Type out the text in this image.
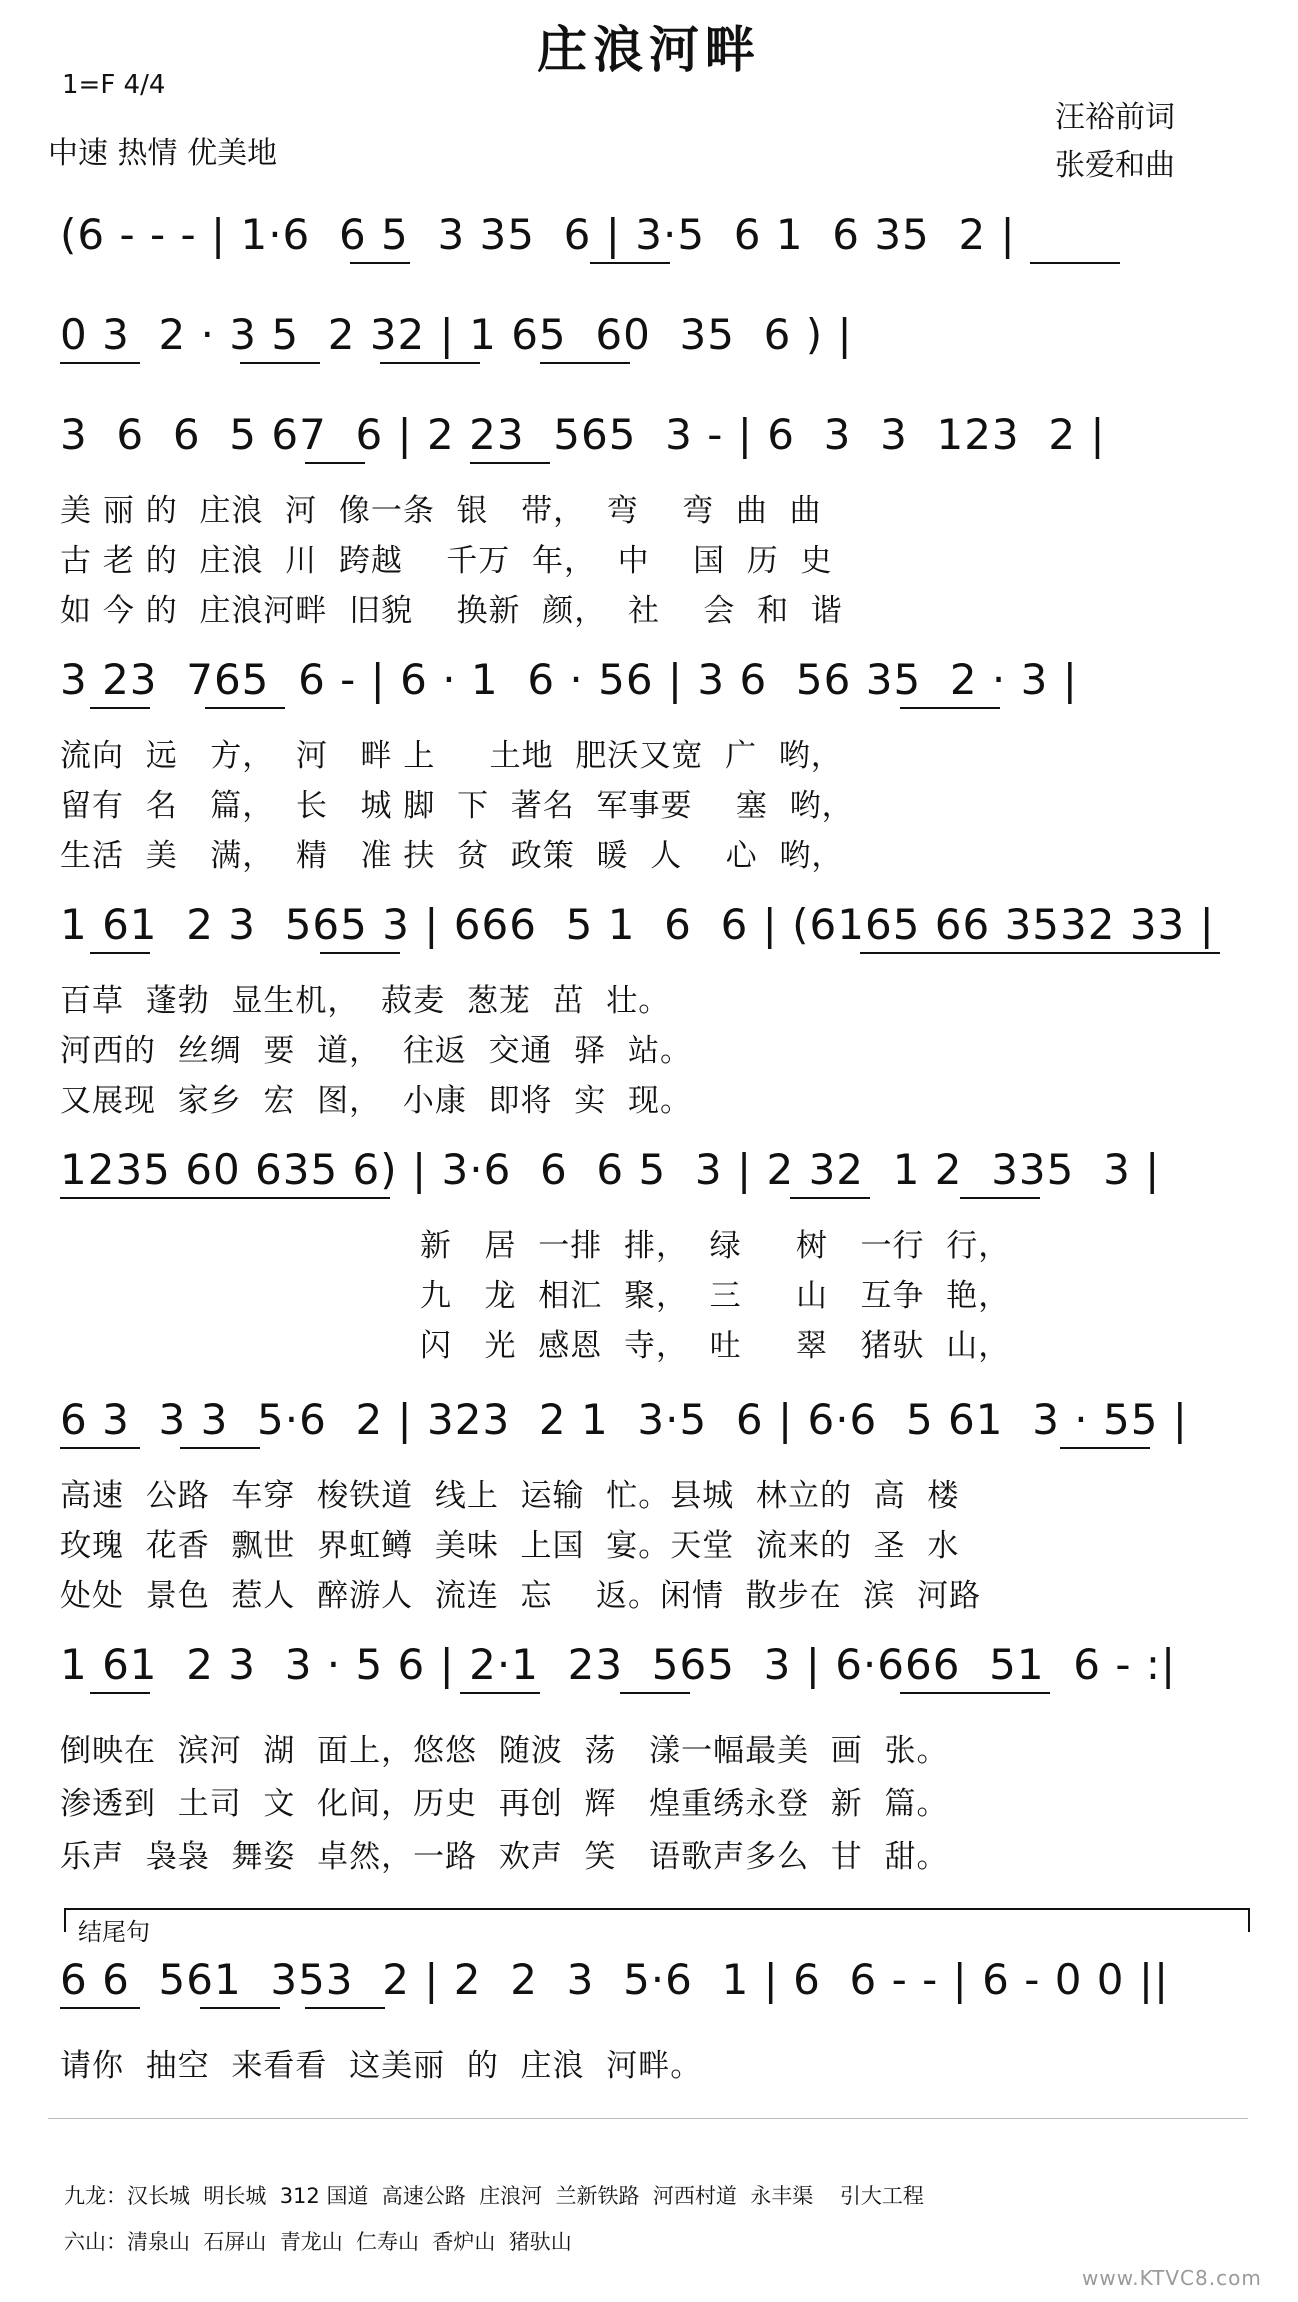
庄浪河畔
1=F 4/4
中速 热情 优美地
汪裕前词
张爱和曲
(6 - - - | 1·6  6 5  3 35  6 | 3·5  6 1  6 35  2 |
0 3  2 · 3 5  2 32 | 1 65  60  35  6 ) |
3  6  6  5 67  6 | 2 23  565  3 - | 6  3  3  123  2 |
美 丽 的  庄浪  河  像一条  银   带，  弯    弯  曲  曲
古 老 的  庄浪  川  跨越    千万  年，  中    国  历  史
如 今 的  庄浪河畔  旧貌    换新  颜，  社    会  和  谐
3 23  765  6 - | 6 · 1  6 · 56 | 3 6  56 35  2 · 3 |
流向  远   方，  河   畔 上     土地  肥沃又宽  广  哟，
留有  名   篇，  长   城 脚  下  著名  军事要    塞  哟，
生活  美   满，  精   准 扶  贫  政策  暖  人    心  哟，
1 61  2 3  565 3 | 666  5 1  6  6 | (6165 66 3532 33 |
百草  蓬勃  显生机，  菽麦  葱茏  茁  壮。
河西的  丝绸  要  道，  往返  交通  驿  站。
又展现  家乡  宏  图，  小康  即将  实  现。
1235 60 635 6) | 3·6  6  6 5  3 | 2 32  1 2  335  3 |
新   居  一排  排，  绿     树   一行  行，
九   龙  相汇  聚，  三     山   互争  艳，
闪   光  感恩  寺，  吐     翠   猪驮  山，
6 3  3 3  5·6  2 | 323  2 1  3·5  6 | 6·6  5 61  3 · 55 |
高速  公路  车穿  梭铁道  线上  运输  忙。县城  林立的  高  楼
玫瑰  花香  飘世  界虹鳟  美味  上国  宴。天堂  流来的  圣  水
处处  景色  惹人  醉游人  流连  忘    返。闲情  散步在  滨  河路
1 61  2 3  3 · 5 6 | 2·1  23  565  3 | 6·666  51  6 - :|
倒映在  滨河  湖  面上，悠悠  随波  荡   漾一幅最美  画  张。
渗透到  土司  文  化间，历史  再创  辉   煌重绣永登  新  篇。
乐声  袅袅  舞姿  卓然，一路  欢声  笑   语歌声多么  甘  甜。
结尾句
6 6  561  353  2 | 2  2  3  5·6  1 | 6  6 - - | 6 - 0 0 ||
请你  抽空  来看看  这美丽  的  庄浪  河畔。
九龙：汉长城  明长城  312 国道  高速公路  庄浪河  兰新铁路  河西村道  永丰渠    引大工程
六山：清泉山  石屏山  青龙山  仁寿山  香炉山  猪驮山
www.KTVC8.com
